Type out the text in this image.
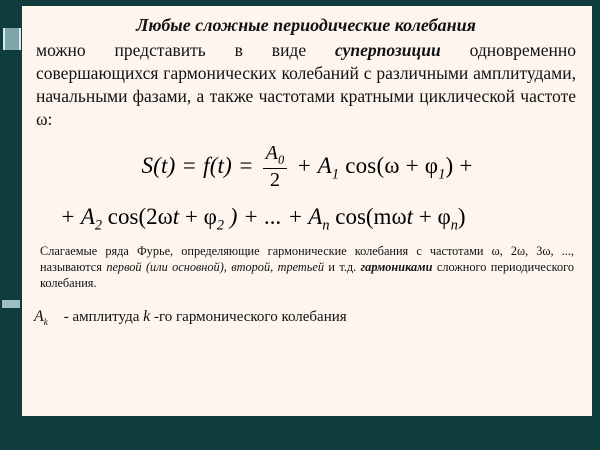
Любые сложные периодические колебания
можно представить в виде суперпозиции одновременно совершающихся гармонических колебаний с различными амплитудами, начальными фазами, а также частотами кратными циклической частоте ω:
$S(t) = f(t) = \frac{A_0}{2} + A_1$ $\cos(\omega + \varphi_1)$ +
+ $A_2$ $\cos(2\omega t + \varphi_2$ ) + ... + $A_n$ $\cos(m\omega t + \varphi_n)$
Слагаемые ряда Фурье, определяющие гармонические колебания с частотами ω, 2ω, 3ω, ..., называются первой (или основной), второй, третьей и т.д. гармониками сложного периодического колебания.
$A_k$ - амплитуда k -го гармонического колебания
